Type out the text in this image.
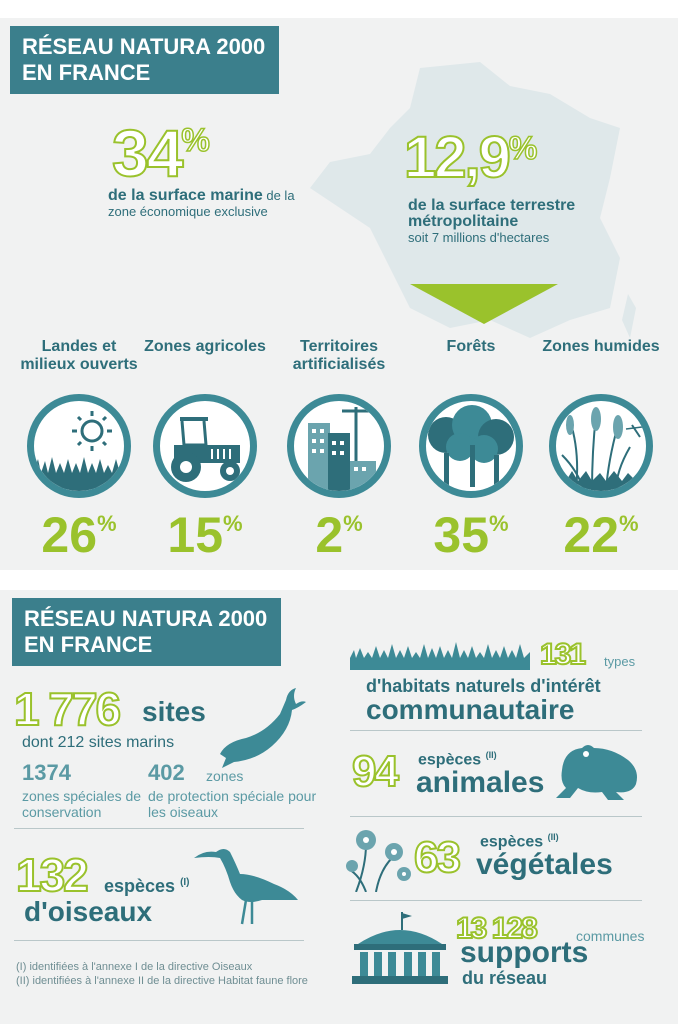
RÉSEAU NATURA 2000
EN FRANCE
34%
de la surface marine de la zone économique exclusive
12,9%
de la surface terrestre métropolitaine
soit 7 millions d'hectares
Landes et milieux ouverts
26%
Zones agricoles
15%
Territoires artificialisés
2%
Forêts
35%
Zones humides
22%
RÉSEAU NATURA 2000
EN FRANCE
1 776 sites
dont 212 sites marins
1374
zones spéciales de conservation
402 zones
de protection spéciale pour les oiseaux
132 espèces $^{(I)}$
d'oiseaux
(I) identifiées à l'annexe I de la directive Oiseaux
(II) identifiées à l'annexe II de la directive Habitat faune flore
131 types
d'habitats naturels d'intérêt
communautaire
94 espèces $^{(II)}$
animales
63 espèces $^{(II)}$
végétales
13 128	communes
supports
du réseau
